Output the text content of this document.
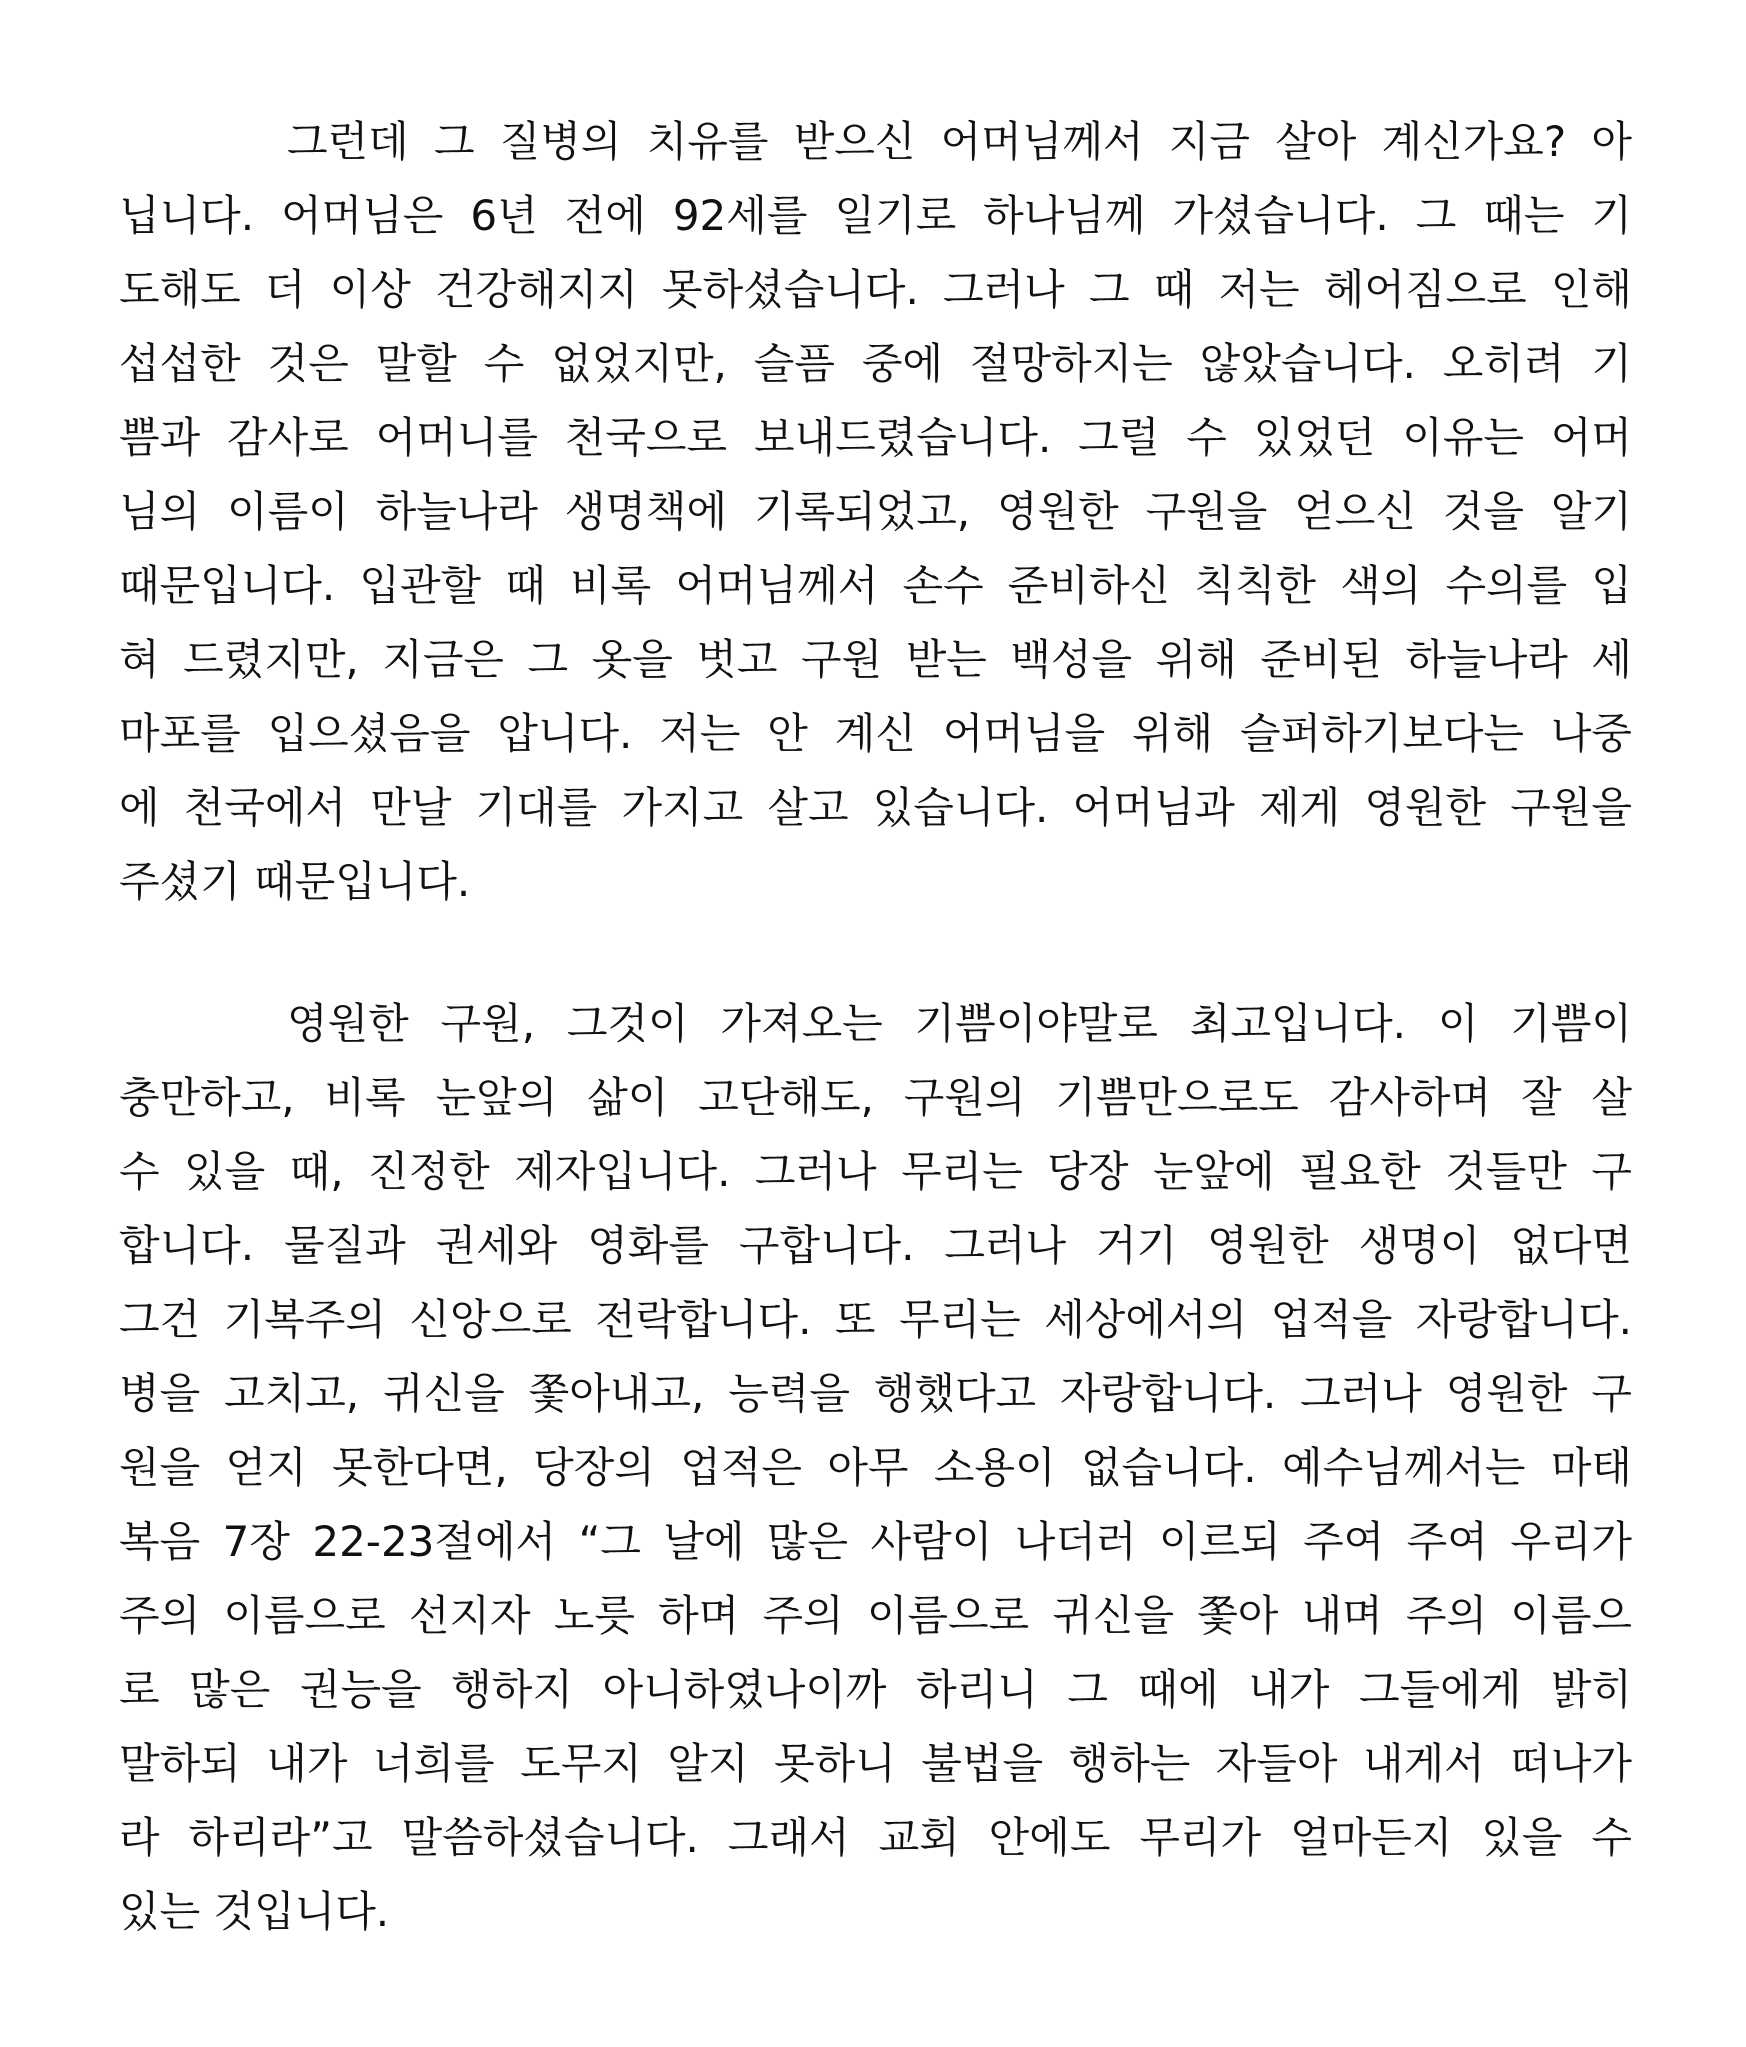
그런데 그 질병의 치유를 받으신 어머님께서 지금 살아 계신가요? 아
닙니다. 어머님은 6년 전에 92세를 일기로 하나님께 가셨습니다. 그 때는 기
도해도 더 이상 건강해지지 못하셨습니다. 그러나 그 때 저는 헤어짐으로 인해
섭섭한 것은 말할 수 없었지만, 슬픔 중에 절망하지는 않았습니다. 오히려 기
쁨과 감사로 어머니를 천국으로 보내드렸습니다. 그럴 수 있었던 이유는 어머
님의 이름이 하늘나라 생명책에 기록되었고, 영원한 구원을 얻으신 것을 알기
때문입니다. 입관할 때 비록 어머님께서 손수 준비하신 칙칙한 색의 수의를 입
혀 드렸지만, 지금은 그 옷을 벗고 구원 받는 백성을 위해 준비된 하늘나라 세
마포를 입으셨음을 압니다. 저는 안 계신 어머님을 위해 슬퍼하기보다는 나중
에 천국에서 만날 기대를 가지고 살고 있습니다. 어머님과 제게 영원한 구원을
주셨기 때문입니다.
영원한 구원, 그것이 가져오는 기쁨이야말로 최고입니다. 이 기쁨이
충만하고, 비록 눈앞의 삶이 고단해도, 구원의 기쁨만으로도 감사하며 잘 살
수 있을 때, 진정한 제자입니다. 그러나 무리는 당장 눈앞에 필요한 것들만 구
합니다. 물질과 권세와 영화를 구합니다. 그러나 거기 영원한 생명이 없다면
그건 기복주의 신앙으로 전락합니다. 또 무리는 세상에서의 업적을 자랑합니다.
병을 고치고, 귀신을 쫓아내고, 능력을 행했다고 자랑합니다. 그러나 영원한 구
원을 얻지 못한다면, 당장의 업적은 아무 소용이 없습니다. 예수님께서는 마태
복음 7장 22-23절에서 “그 날에 많은 사람이 나더러 이르되 주여 주여 우리가
주의 이름으로 선지자 노릇 하며 주의 이름으로 귀신을 쫓아 내며 주의 이름으
로 많은 권능을 행하지 아니하였나이까 하리니 그 때에 내가 그들에게 밝히
말하되 내가 너희를 도무지 알지 못하니 불법을 행하는 자들아 내게서 떠나가
라 하리라”고 말씀하셨습니다. 그래서 교회 안에도 무리가 얼마든지 있을 수
있는 것입니다.
